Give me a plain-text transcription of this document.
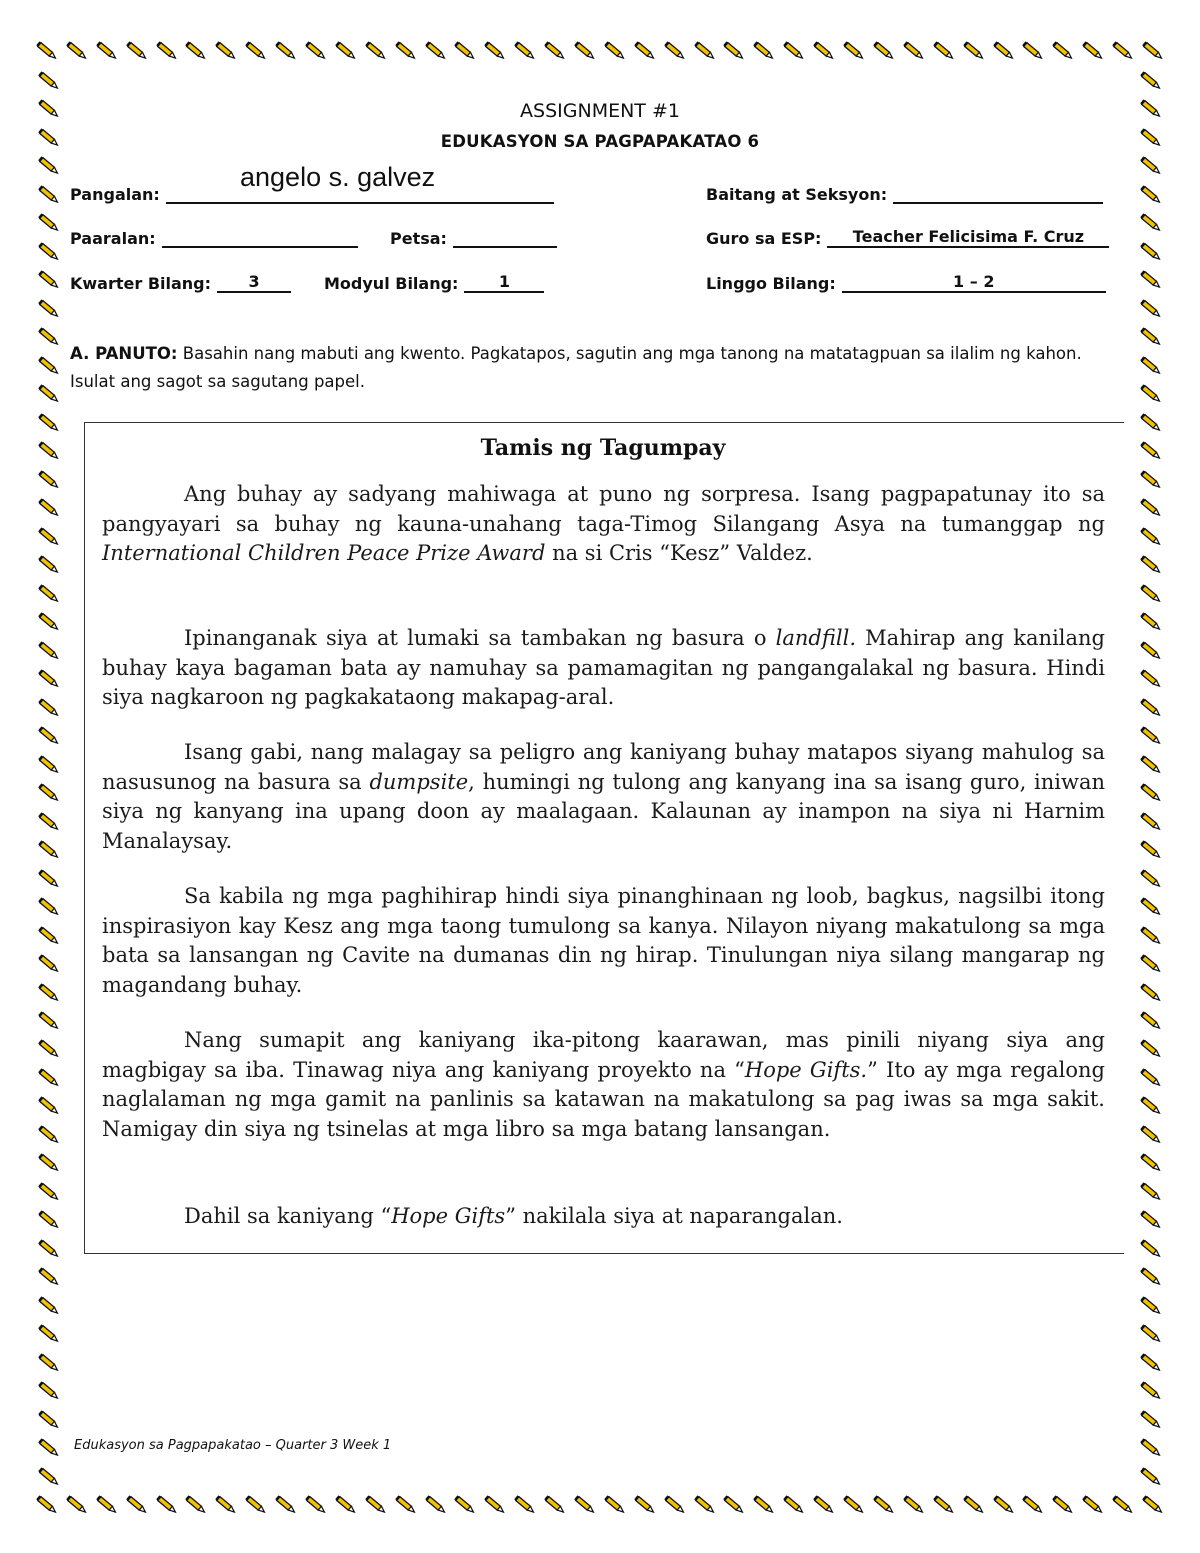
ASSIGNMENT #1
EDUKASYON SA PAGPAPAKATAO 6
Pangalan:
angelo s. galvez
Baitang at Seksyon:
Paaralan:	Petsa:	Guro sa ESP:	Teacher Felicisima F. Cruz
Kwarter Bilang:	3	Modyul Bilang:	1	Linggo Bilang:	1 – 2
A. PANUTO: Basahin nang mabuti ang kwento. Pagkatapos, sagutin ang mga tanong na matatagpuan sa ilalim ng kahon. Isulat ang sagot sa sagutang papel.
Tamis ng Tagumpay

Ang buhay ay sadyang mahiwaga at puno ng sorpresa. Isang pagpapatunay ito sa pangyayari sa buhay ng kauna-unahang taga-Timog Silangang Asya na tumanggap ng International Children Peace Prize Award na si Cris “Kesz” Valdez.

Ipinanganak siya at lumaki sa tambakan ng basura o landfill. Mahirap ang kanilang buhay kaya bagaman bata ay namuhay sa pamamagitan ng pangangalakal ng basura. Hindi siya nagkaroon ng pagkakataong makapag-aral.

Isang gabi, nang malagay sa peligro ang kaniyang buhay matapos siyang mahulog sa nasusunog na basura sa dumpsite, humingi ng tulong ang kanyang ina sa isang guro, iniwan siya ng kanyang ina upang doon ay maalagaan. Kalaunan ay inampon na siya ni Harnim Manalaysay.

Sa kabila ng mga paghihirap hindi siya pinanghinaan ng loob, bagkus, nagsilbi itong inspirasiyon kay Kesz ang mga taong tumulong sa kanya. Nilayon niyang makatulong sa mga bata sa lansangan ng Cavite na dumanas din ng hirap. Tinulungan niya silang mangarap ng magandang buhay.

Nang sumapit ang kaniyang ika-pitong kaarawan, mas pinili niyang siya ang magbigay sa iba. Tinawag niya ang kaniyang proyekto na “Hope Gifts.” Ito ay mga regalong naglalaman ng mga gamit na panlinis sa katawan na makatulong sa pag iwas sa mga sakit. Namigay din siya ng tsinelas at mga libro sa mga batang lansangan.

Dahil sa kaniyang “Hope Gifts” nakilala siya at naparangalan.

Edukasyon sa Pagpapakatao – Quarter 3 Week 1
